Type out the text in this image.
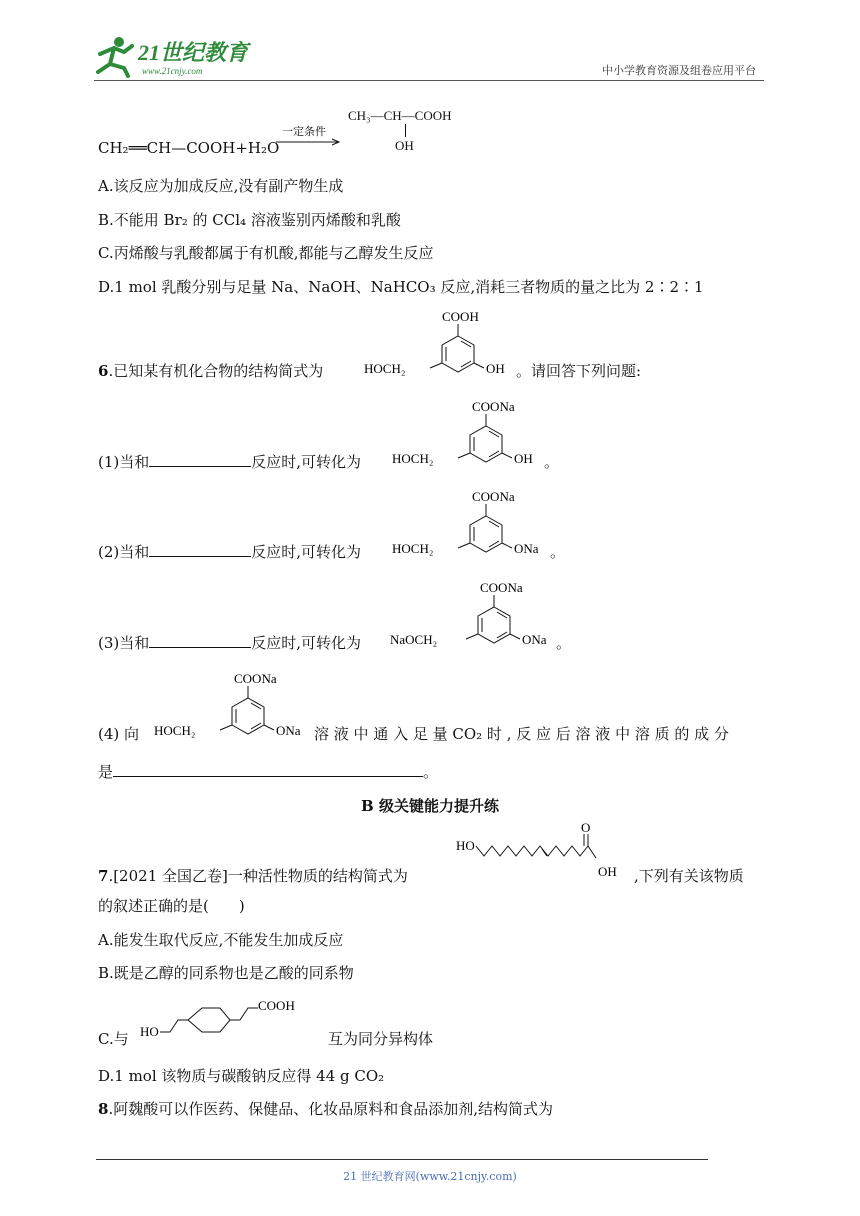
21世纪教育
www.21cnjy.com	中小学教育资源及组卷应用平台
CH₃—CH—COOH
OH
一定条件
CH₂══CH—COOH+H₂O
A.该反应为加成反应,没有副产物生成
B.不能用 Br₂ 的 CCl₄ 溶液鉴别丙烯酸和乳酸
C.丙烯酸与乳酸都属于有机酸,都能与乙醇发生反应
D.1 mol 乳酸分别与足量 Na、NaOH、NaHCO₃ 反应,消耗三者物质的量之比为 2∶2∶1
6.已知某有机化合物的结构简式为
COOH
HOCH₂	OH 。请回答下列问题:
(1)当和	反应时,可转化为
COONa
HOCH₂	OH 。
(2)当和	反应时,可转化为
COONa
HOCH₂	ONa 。
(3)当和	反应时,可转化为
COONa
NaOCH₂	ONa 。
(4) 向
COONa
HOCH₂	ONa 溶 液 中 通 入 足 量 CO₂ 时 , 反 应 后 溶 液 中 溶 质 的 成 分
是	。
B 级关键能力提升练
7.[2021 全国乙卷]一种活性物质的结构简式为
HO
O
OH ,下列有关该物质
的叙述正确的是(　　)
A.能发生取代反应,不能发生加成反应
B.既是乙醇的同系物也是乙酸的同系物
C.与 HO
COOH
互为同分异构体
D.1 mol 该物质与碳酸钠反应得 44 g CO₂
8.阿魏酸可以作医药、保健品、化妆品原料和食品添加剂,结构简式为
21 世纪教育网(www.21cnjy.com)
